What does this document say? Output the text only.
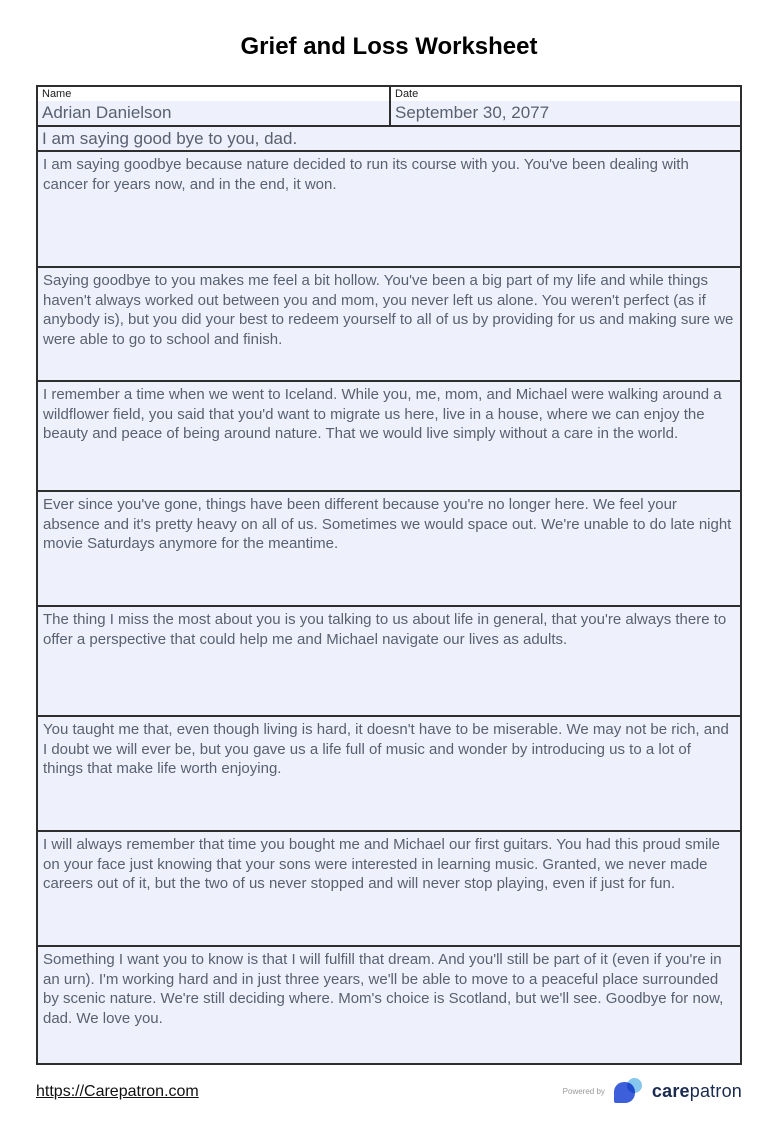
Grief and Loss Worksheet
Name
Adrian Danielson
Date
September 30, 2077
I am saying good bye to you, dad.
I am saying goodbye because nature decided to run its course with you. You've been dealing with cancer for years now, and in the end, it won.
Saying goodbye to you makes me feel a bit hollow. You've been a big part of my life and while things haven't always worked out between you and mom, you never left us alone. You weren't perfect (as if anybody is), but you did your best to redeem yourself to all of us by providing for us and making sure we were able to go to school and finish.
I remember a time when we went to Iceland. While you, me, mom, and Michael were walking around a wildflower field, you said that you'd want to migrate us here, live in a house, where we can enjoy the beauty and peace of being around nature. That we would live simply without a care in the world.
Ever since you've gone, things have been different because you're no longer here. We feel your absence and it's pretty heavy on all of us. Sometimes we would space out. We're unable to do late night movie Saturdays anymore for the meantime.
The thing I miss the most about you is you talking to us about life in general, that you're always there to offer a perspective that could help me and Michael navigate our lives as adults.
You taught me that, even though living is hard, it doesn't have to be miserable. We may not be rich, and I doubt we will ever be, but you gave us a life full of music and wonder by introducing us to a lot of things that make life worth enjoying.
I will always remember that time you bought me and Michael our first guitars. You had this proud smile on your face just knowing that your sons were interested in learning music. Granted, we never made careers out of it, but the two of us never stopped and will never stop playing, even if just for fun.
Something I want you to know is that I will fulfill that dream. And you'll still be part of it (even if you're in an urn). I'm working hard and in just three years, we'll be able to move to a peaceful place surrounded by scenic nature. We're still deciding where. Mom's choice is Scotland, but we'll see. Goodbye for now, dad. We love you.
https://Carepatron.com	Powered by	carepatron
